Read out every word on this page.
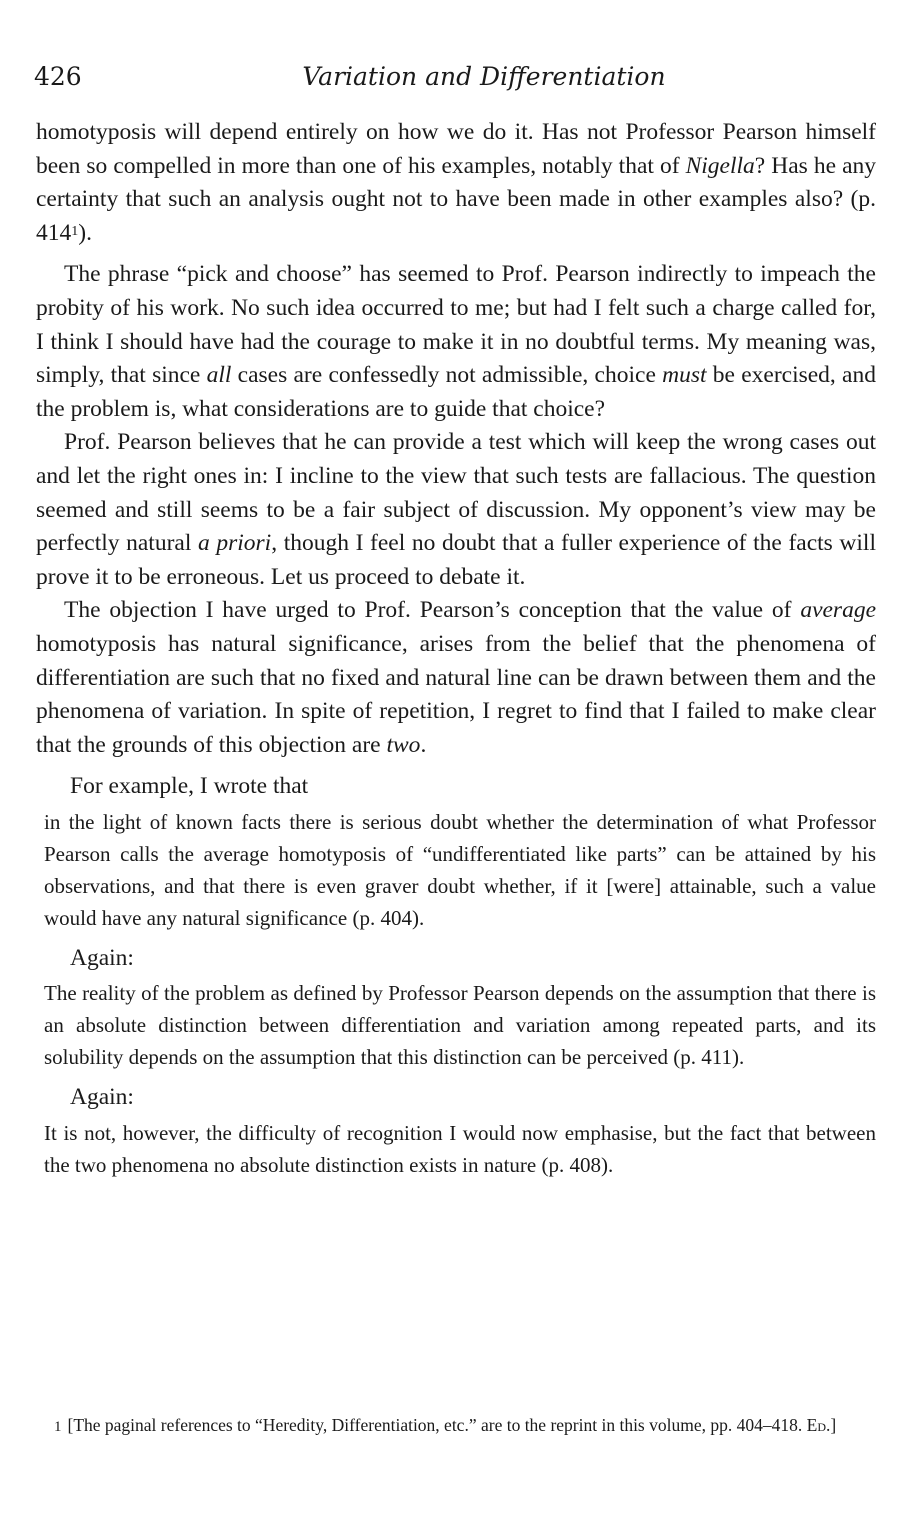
426	Variation and Differentiation

homotyposis will depend entirely on how we do it. Has not Professor Pearson himself been so compelled in more than one of his examples, notably that of Nigella? Has he any certainty that such an analysis ought not to have been made in other examples also? (p. $414^1$).

The phrase “pick and choose” has seemed to Prof. Pearson indirectly to impeach the probity of his work. No such idea occurred to me; but had I felt such a charge called for, I think I should have had the courage to make it in no doubtful terms. My meaning was, simply, that since all cases are confessedly not admissible, choice must be exercised, and the problem is, what considerations are to guide that choice?

Prof. Pearson believes that he can provide a test which will keep the wrong cases out and let the right ones in: I incline to the view that such tests are fallacious. The question seemed and still seems to be a fair subject of discussion. My opponent’s view may be perfectly natural a priori, though I feel no doubt that a fuller experience of the facts will prove it to be erroneous. Let us proceed to debate it.

The objection I have urged to Prof. Pearson’s conception that the value of average homotyposis has natural significance, arises from the belief that the phenomena of differentiation are such that no fixed and natural line can be drawn between them and the phenomena of variation. In spite of repetition, I regret to find that I failed to make clear that the grounds of this objection are two.

For example, I wrote that

in the light of known facts there is serious doubt whether the determination of what Professor Pearson calls the average homotyposis of “undifferentiated like parts” can be attained by his observations, and that there is even graver doubt whether, if it [were] attainable, such a value would have any natural significance (p. 404).

Again:

The reality of the problem as defined by Professor Pearson depends on the assumption that there is an absolute distinction between differentiation and variation among repeated parts, and its solubility depends on the assumption that this distinction can be perceived (p. 411).

Again:

It is not, however, the difficulty of recognition I would now emphasise, but the fact that between the two phenomena no absolute distinction exists in nature (p. 408).

1 [The paginal references to “Heredity, Differentiation, etc.” are to the reprint in this volume, pp. 404–418. Ed.]
